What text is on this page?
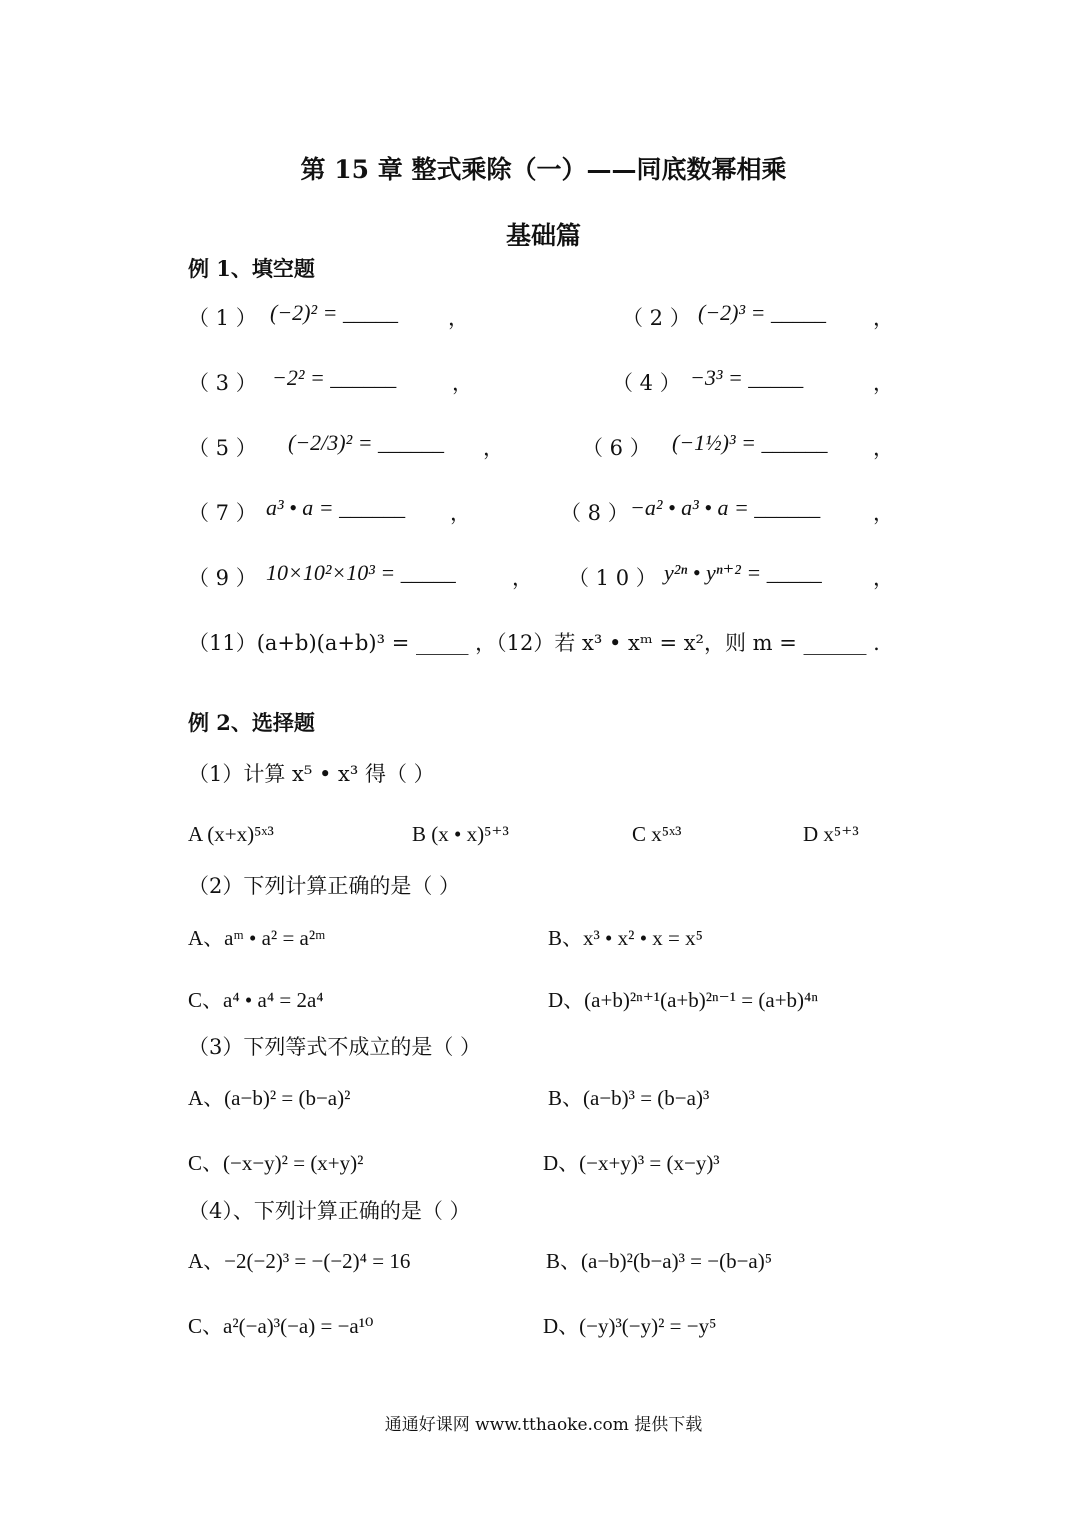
第 15 章 整式乘除（一）——同底数幂相乘
基础篇
例 1、填空题
（ 1 ） (−2)² = _____ ，	（ 2 ） (−2)³ = _____ ，
（ 3 ） −2² = ______	，	（ 4 ） −3³ = _____	，
（ 5 ） (−2/3)² = ______ ，	（ 6 ） (−1½)³ = ______ ，
（ 7 ） a³ • a = ______ ，	（ 8 ） −a² • a³ • a = ______	，
（ 9 ） 10×10²×10³ = _____	， （ 1 0 ） y²ⁿ • yⁿ⁺² = _____ ，
（11）(a+b)(a+b)³ = _____ ，（12）若 x³ • xᵐ = x²，则 m = ______ .
例 2、选择题
（1）计算 x⁵ • x³ 得（ ）
A (x+x)⁵ˣ³	B (x • x)⁵⁺³	C x⁵ˣ³	D x⁵⁺³
（2）下列计算正确的是（ ）
A、aᵐ • a² = a²ᵐ	B、x³ • x² • x = x⁵
C、a⁴ • a⁴ = 2a⁴	D、(a+b)²ⁿ⁺¹(a+b)²ⁿ⁻¹ = (a+b)⁴ⁿ
（3）下列等式不成立的是（ ）
A、(a−b)² = (b−a)²	B、(a−b)³ = (b−a)³
C、(−x−y)² = (x+y)²	D、(−x+y)³ = (x−y)³
（4）、下列计算正确的是（ ）
A、−2(−2)³ = −(−2)⁴ = 16	B、(a−b)²(b−a)³ = −(b−a)⁵
C、a²(−a)³(−a) = −a¹⁰	D、(−y)³(−y)² = −y⁵
通通好课网 www.tthaoke.com 提供下载
